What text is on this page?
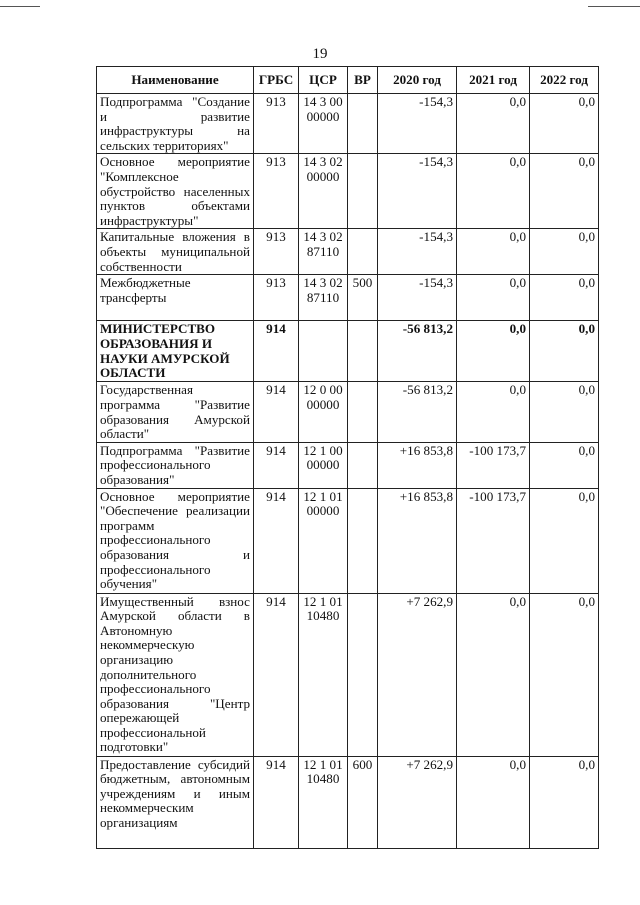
19
Наименование	ГРБС	ЦСР	ВР	2020 год	2021 год	2022 год
Подпрограмма "Создание и развитие инфраструктуры на сельских территориях"	913	14 3 00 00000		-154,3	0,0	0,0
Основное мероприятие "Комплексное обустройство населенных пунктов объектами инфраструктуры"	913	14 3 02 00000		-154,3	0,0	0,0
Капитальные вложения в объекты муниципальной собственности	913	14 3 02 87110		-154,3	0,0	0,0
Межбюджетные трансферты	913	14 3 02 87110	500	-154,3	0,0	0,0
МИНИСТЕРСТВО ОБРАЗОВАНИЯ И НАУКИ АМУРСКОЙ ОБЛАСТИ	914			-56 813,2	0,0	0,0
Государственная программа "Развитие образования Амурской области"	914	12 0 00 00000		-56 813,2	0,0	0,0
Подпрограмма "Развитие профессионального образования"	914	12 1 00 00000		+16 853,8	-100 173,7	0,0
Основное мероприятие "Обеспечение реализации программ профессионального образования и профессионального обучения"	914	12 1 01 00000		+16 853,8	-100 173,7	0,0
Имущественный взнос Амурской области в Автономную некоммерческую организацию дополнительного профессионального образования "Центр опережающей профессиональной подготовки"	914	12 1 01 10480		+7 262,9	0,0	0,0
Предоставление субсидий бюджетным, автономным учреждениям и иным некоммерческим организациям	914	12 1 01 10480	600	+7 262,9	0,0	0,0
